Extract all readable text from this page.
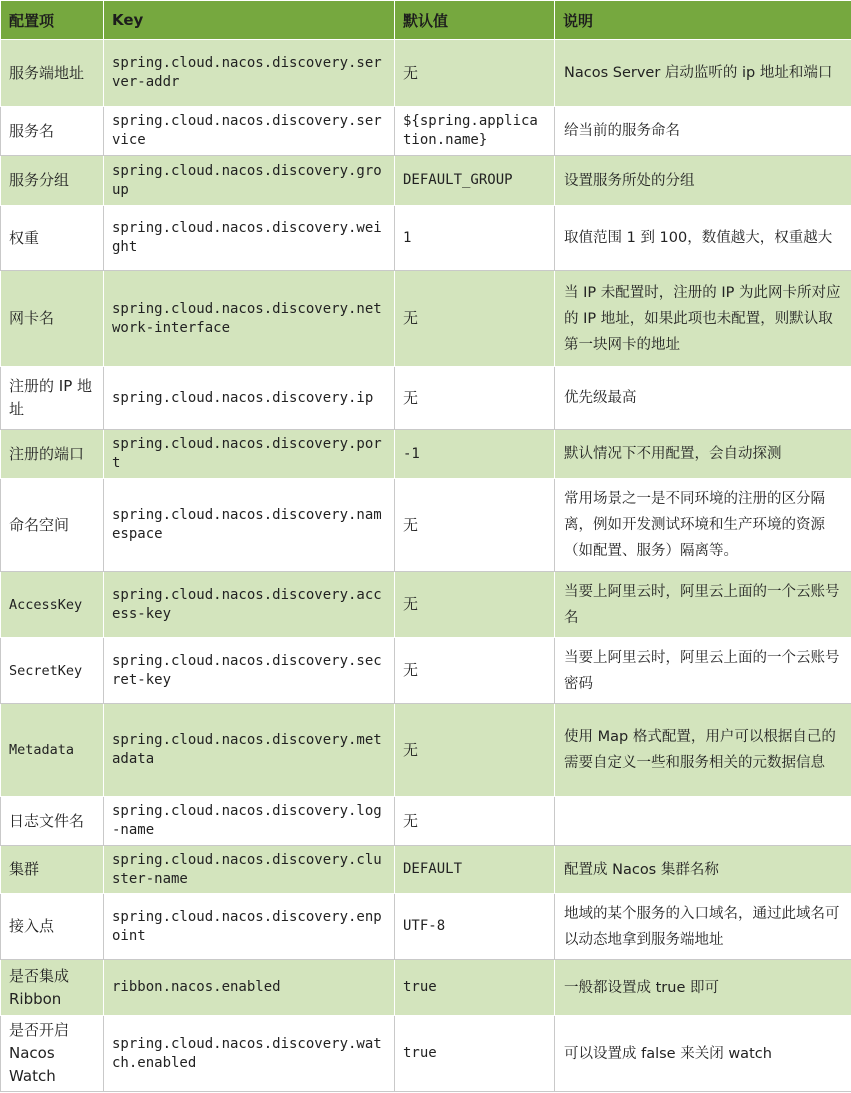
配置项	Key	默认值	说明
服务端地址	spring.cloud.nacos.discovery.server-addr	无	Nacos Server 启动监听的 ip 地址和端口
服务名	spring.cloud.nacos.discovery.service	${spring.application.name}	给当前的服务命名
服务分组	spring.cloud.nacos.discovery.group	DEFAULT_GROUP	设置服务所处的分组
权重	spring.cloud.nacos.discovery.weight	1	取值范围 1 到 100，数值越大，权重越大
网卡名	spring.cloud.nacos.discovery.network-interface	无	当 IP 未配置时，注册的 IP 为此网卡所对应的 IP 地址，如果此项也未配置，则默认取第一块网卡的地址
注册的 IP 地址	spring.cloud.nacos.discovery.ip	无	优先级最高
注册的端口	spring.cloud.nacos.discovery.port	-1	默认情况下不用配置，会自动探测
命名空间	spring.cloud.nacos.discovery.namespace	无	常用场景之一是不同环境的注册的区分隔离，例如开发测试环境和生产环境的资源（如配置、服务）隔离等。
AccessKey	spring.cloud.nacos.discovery.access-key	无	当要上阿里云时，阿里云上面的一个云账号名
SecretKey	spring.cloud.nacos.discovery.secret-key	无	当要上阿里云时，阿里云上面的一个云账号密码
Metadata	spring.cloud.nacos.discovery.metadata	无	使用 Map 格式配置，用户可以根据自己的需要自定义一些和服务相关的元数据信息
日志文件名	spring.cloud.nacos.discovery.log-name	无	
集群	spring.cloud.nacos.discovery.cluster-name	DEFAULT	配置成 Nacos 集群名称
接入点	spring.cloud.nacos.discovery.enpoint	UTF-8	地域的某个服务的入口域名，通过此域名可以动态地拿到服务端地址
是否集成 Ribbon	ribbon.nacos.enabled	true	一般都设置成 true 即可
是否开启 Nacos Watch	spring.cloud.nacos.discovery.watch.enabled	true	可以设置成 false 来关闭 watch
